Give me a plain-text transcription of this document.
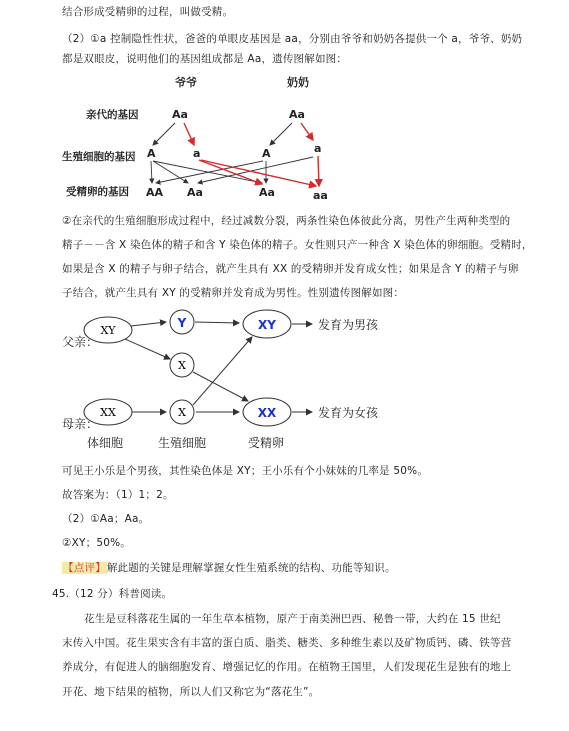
结合形成受精卵的过程，叫做受精。
（2）①a 控制隐性性状，爸爸的单眼皮基因是 aa，分别由爷爷和奶奶各提供一个 a，爷爷、奶奶
都是双眼皮，说明他们的基因组成都是 Aa，遗传图解如图：
爷爷	奶奶
亲代的基因
生殖细胞的基因
受精卵的基因
Aa	Aa
A	a	A	a
AA Aa	Aa	aa
XY
Y
X
XX	X
XY
XX
父亲：
母亲：
发育为男孩
发育为女孩
体细胞	生殖细胞	受精卵
②在亲代的生殖细胞形成过程中，经过减数分裂，两条性染色体彼此分离，男性产生两种类型的
精子－－含 X 染色体的精子和含 Y 染色体的精子。女性则只产一种含 X 染色体的卵细胞。受精时，
如果是含 X 的精子与卵子结合，就产生具有 XX 的受精卵并发育成女性；如果是含 Y 的精子与卵
子结合，就产生具有 XY 的受精卵并发育成为男性。性别遗传图解如图：
可见王小乐是个男孩，其性染色体是 XY；王小乐有个小妹妹的几率是 50%。
故答案为：（1）1；2。
（2）①Aa；Aa。
②XY；50%。
【点评】解此题的关键是理解掌握女性生殖系统的结构、功能等知识。
45.（12 分）科普阅读。
花生是豆科落花生属的一年生草本植物，原产于南美洲巴西、秘鲁一带，大约在 15 世纪
末传入中国。花生果实含有丰富的蛋白质、脂类、糖类、多种维生素以及矿物质钙、磷、铁等营
养成分，有促进人的脑细胞发育、增强记忆的作用。在植物王国里，人们发现花生是独有的地上
开花、地下结果的植物，所以人们又称它为“落花生”。
